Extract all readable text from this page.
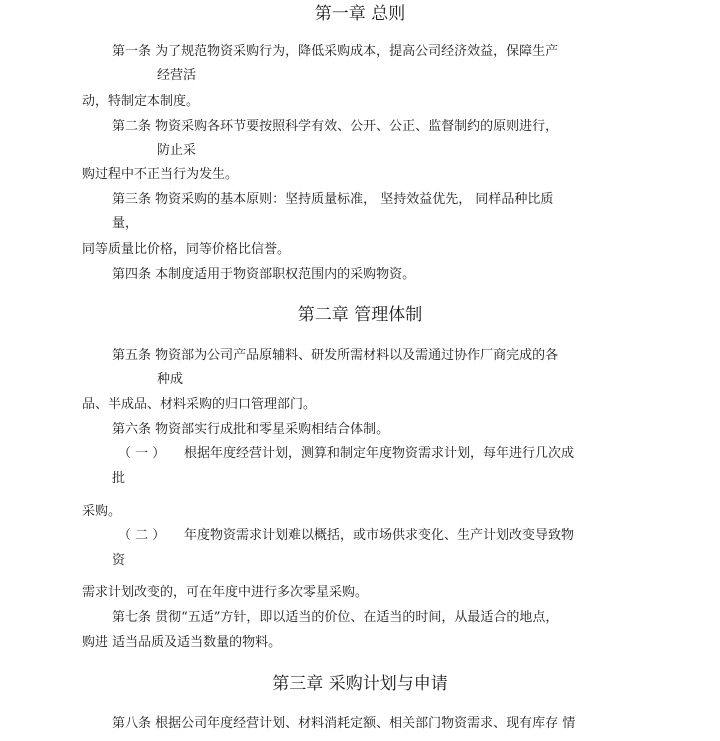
第一章 总则
第一条 为了规范物资采购行为，降低采购成本，提高公司经济效益，保障生产
经营活
动，特制定本制度。
第二条 物资采购各环节要按照科学有效、公开、公正、监督制约的原则进行，
防止采
购过程中不正当行为发生。
第三条 物资采购的基本原则：坚持质量标准， 坚持效益优先， 同样品种比质
量，
同等质量比价格，同等价格比信誉。
第四条 本制度适用于物资部职权范围内的采购物资。
第二章 管理体制
第五条 物资部为公司产品原辅料、研发所需材料以及需通过协作厂商完成的各
种成
品、半成品、材料采购的归口管理部门。
第六条 物资部实行成批和零星采购相结合体制。
（ 一 ） 根据年度经营计划，测算和制定年度物资需求计划，每年进行几次成
批
采购。
（ 二 ） 年度物资需求计划难以概括，或市场供求变化、生产计划改变导致物
资
需求计划改变的，可在年度中进行多次零星采购。
第七条 贯彻“五适”方针，即以适当的价位、在适当的时间，从最适合的地点，
购进 适当品质及适当数量的物料。
第三章 采购计划与申请
第八条 根据公司年度经营计划、材料消耗定额、相关部门物资需求、现有库存 情
